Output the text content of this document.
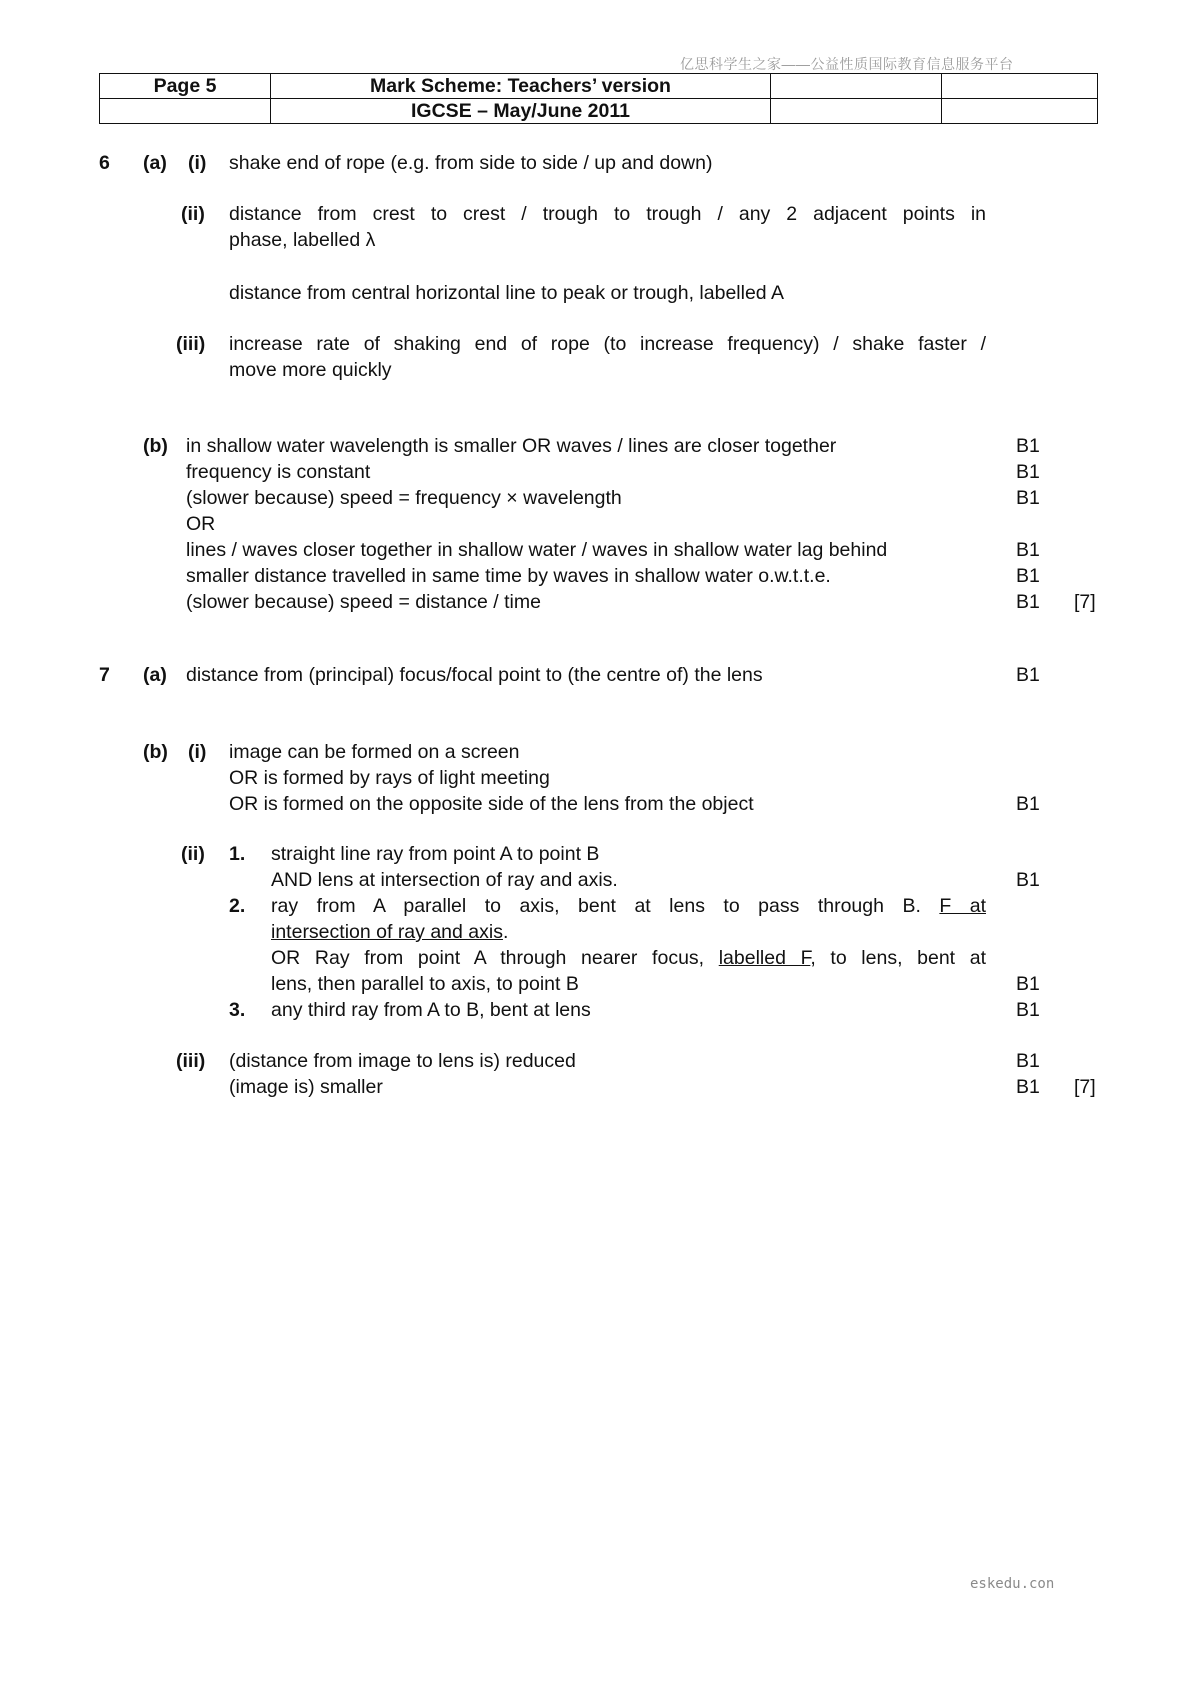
亿思科学生之家——公益性质国际教育信息服务平台
Page 5	Mark Scheme: Teachers’ version		
	IGCSE – May/June 2011		
6 (a) (i) shake end of rope (e.g. from side to side / up and down)
(ii) distance from crest to crest / trough to trough / any 2 adjacent points in
phase, labelled λ
distance from central horizontal line to peak or trough, labelled A
(iii) increase rate of shaking end of rope (to increase frequency) / shake faster /
move more quickly
(b) in shallow water wavelength is smaller OR waves / lines are closer together	B1
frequency is constant	B1
(slower because) speed = frequency × wavelength	B1
OR
lines / waves closer together in shallow water / waves in shallow water lag behind	B1
smaller distance travelled in same time by waves in shallow water o.w.t.t.e.	B1
(slower because) speed = distance / time	B1 [7]
7 (a) distance from (principal) focus/focal point to (the centre of) the lens	B1
(b) (i) image can be formed on a screen
OR is formed by rays of light meeting
OR is formed on the opposite side of the lens from the object	B1
(ii) 1. straight line ray from point A to point B
AND lens at intersection of ray and axis.	B1
2. ray from A parallel to axis, bent at lens to pass through B. F at
intersection of ray and axis.
OR Ray from point A through nearer focus, labelled F, to lens, bent at
lens, then parallel to axis, to point B	B1
3. any third ray from A to B, bent at lens	B1
(iii) (distance from image to lens is) reduced	B1
(image is) smaller	B1 [7]
eskedu.con
